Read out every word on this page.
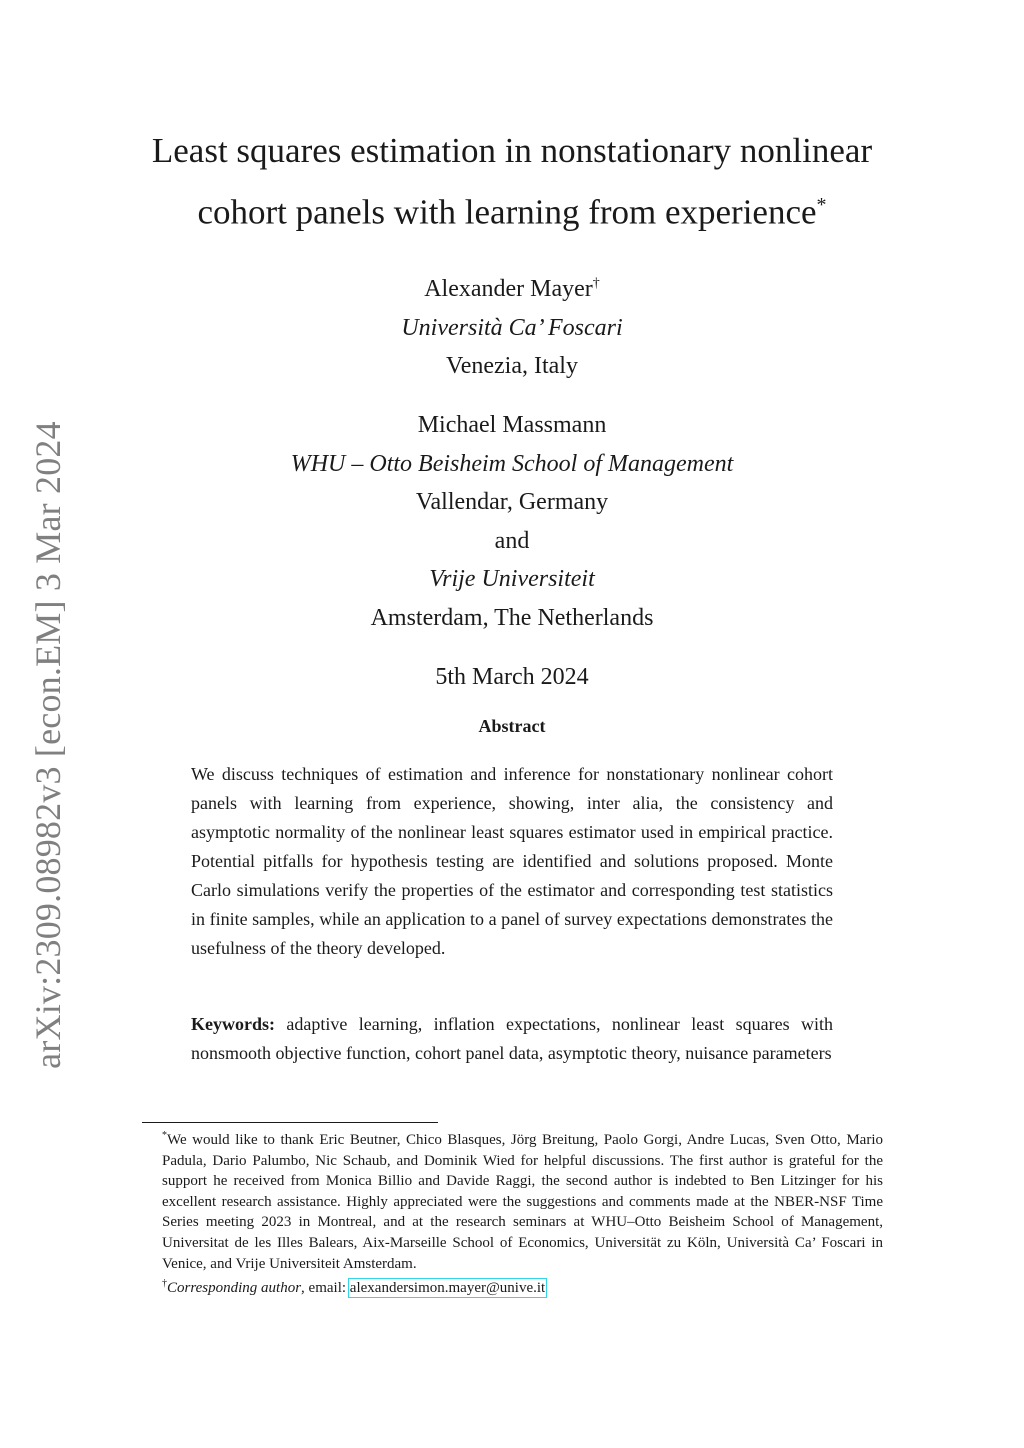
arXiv:2309.08982v3 [econ.EM] 3 Mar 2024
Least squares estimation in nonstationary nonlinear
cohort panels with learning from experience*
Alexander Mayer†
Università Ca’ Foscari
Venezia, Italy
Michael Massmann
WHU – Otto Beisheim School of Management
Vallendar, Germany
and
Vrije Universiteit
Amsterdam, The Netherlands
5th March 2024
Abstract

We discuss techniques of estimation and inference for nonstationary nonlinear cohort panels with learning from experience, showing, inter alia, the consistency and asymptotic normality of the nonlinear least squares estimator used in empirical practice. Potential pitfalls for hypothesis testing are identified and solutions proposed. Monte Carlo simulations verify the properties of the estimator and corresponding test statistics in finite samples, while an application to a panel of survey expectations demonstrates the usefulness of the theory developed.

Keywords: adaptive learning, inflation expectations, nonlinear least squares with nonsmooth objective function, cohort panel data, asymptotic theory, nuisance parameters

*We would like to thank Eric Beutner, Chico Blasques, Jörg Breitung, Paolo Gorgi, Andre Lucas, Sven Otto, Mario Padula, Dario Palumbo, Nic Schaub, and Dominik Wied for helpful discussions. The first author is grateful for the support he received from Monica Billio and Davide Raggi, the second author is indebted to Ben Litzinger for his excellent research assistance. Highly appreciated were the suggestions and comments made at the NBER-NSF Time Series meeting 2023 in Montreal, and at the research seminars at WHU–Otto Beisheim School of Management, Universitat de les Illes Balears, Aix-Marseille School of Economics, Universität zu Köln, Università Ca’ Foscari in Venice, and Vrije Universiteit Amsterdam.

†Corresponding author, email: alexandersimon.mayer@unive.it
